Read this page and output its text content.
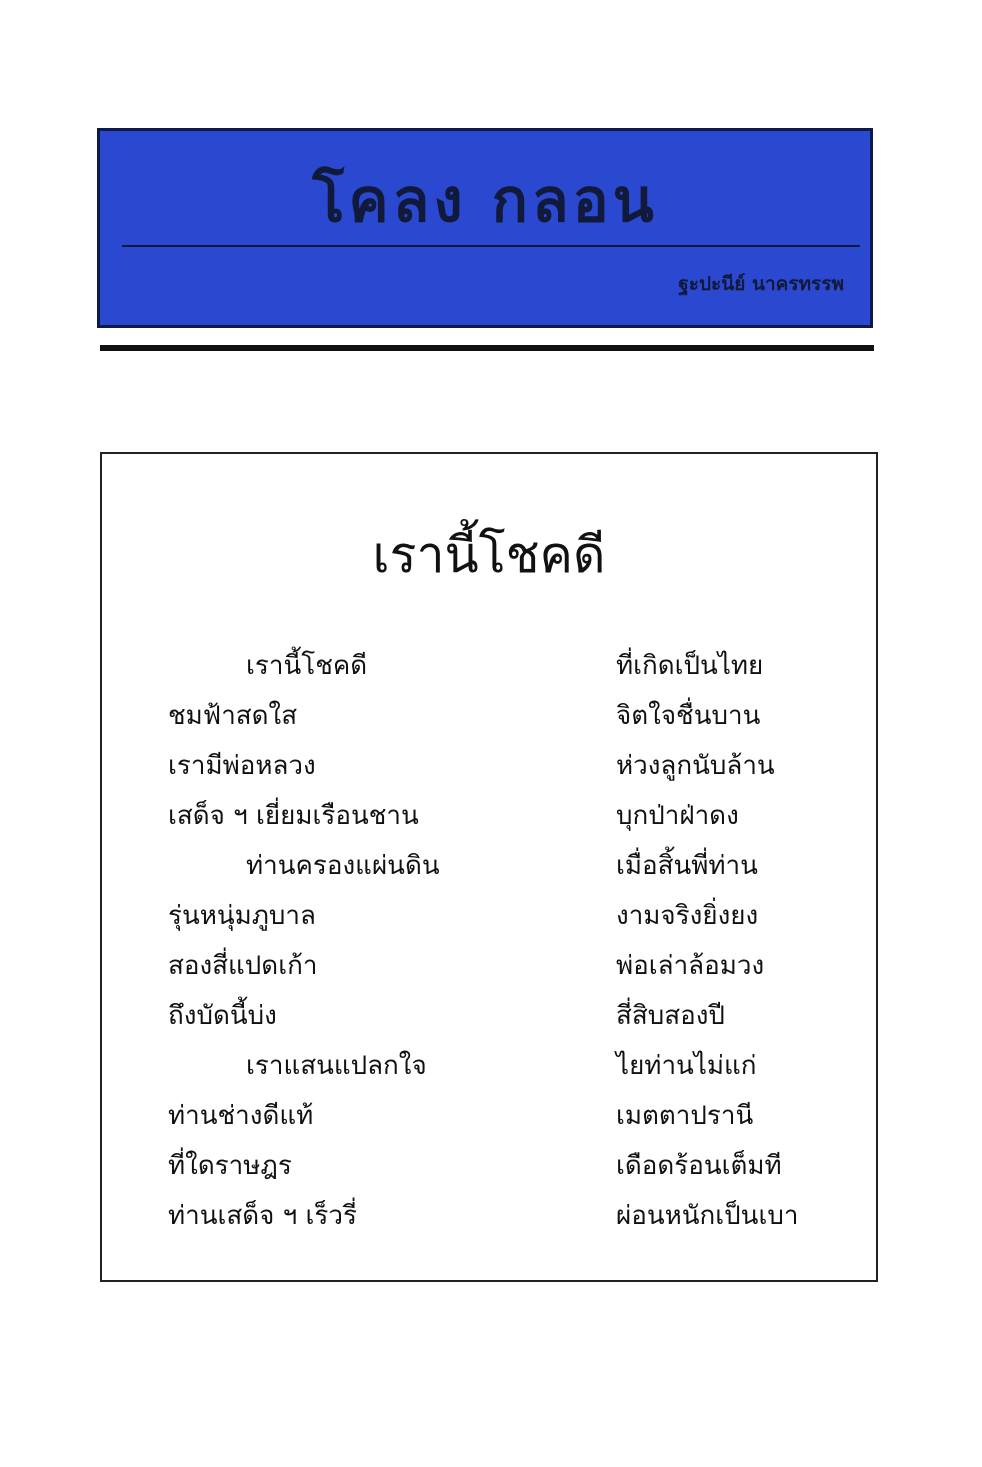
โคลง กลอน
ฐะปะนีย์ นาครทรรพ
เรานี้โชคดี
เรานี้โชคดี	ที่เกิดเป็นไทย
ชมฟ้าสดใส	จิตใจชื่นบาน
เรามีพ่อหลวง	ห่วงลูกนับล้าน
เสด็จ ฯ เยี่ยมเรือนชาน	บุกป่าฝ่าดง
ท่านครองแผ่นดิน	เมื่อสิ้นพี่ท่าน
รุ่นหนุ่มภูบาล	งามจริงยิ่งยง
สองสี่แปดเก้า	พ่อเล่าล้อมวง
ถึงบัดนี้บ่ง	สี่สิบสองปี
เราแสนแปลกใจ	ไยท่านไม่แก่
ท่านช่างดีแท้	เมตตาปรานี
ที่ใดราษฎร	เดือดร้อนเต็มที
ท่านเสด็จ ฯ เร็วรี่	ผ่อนหนักเป็นเบา
